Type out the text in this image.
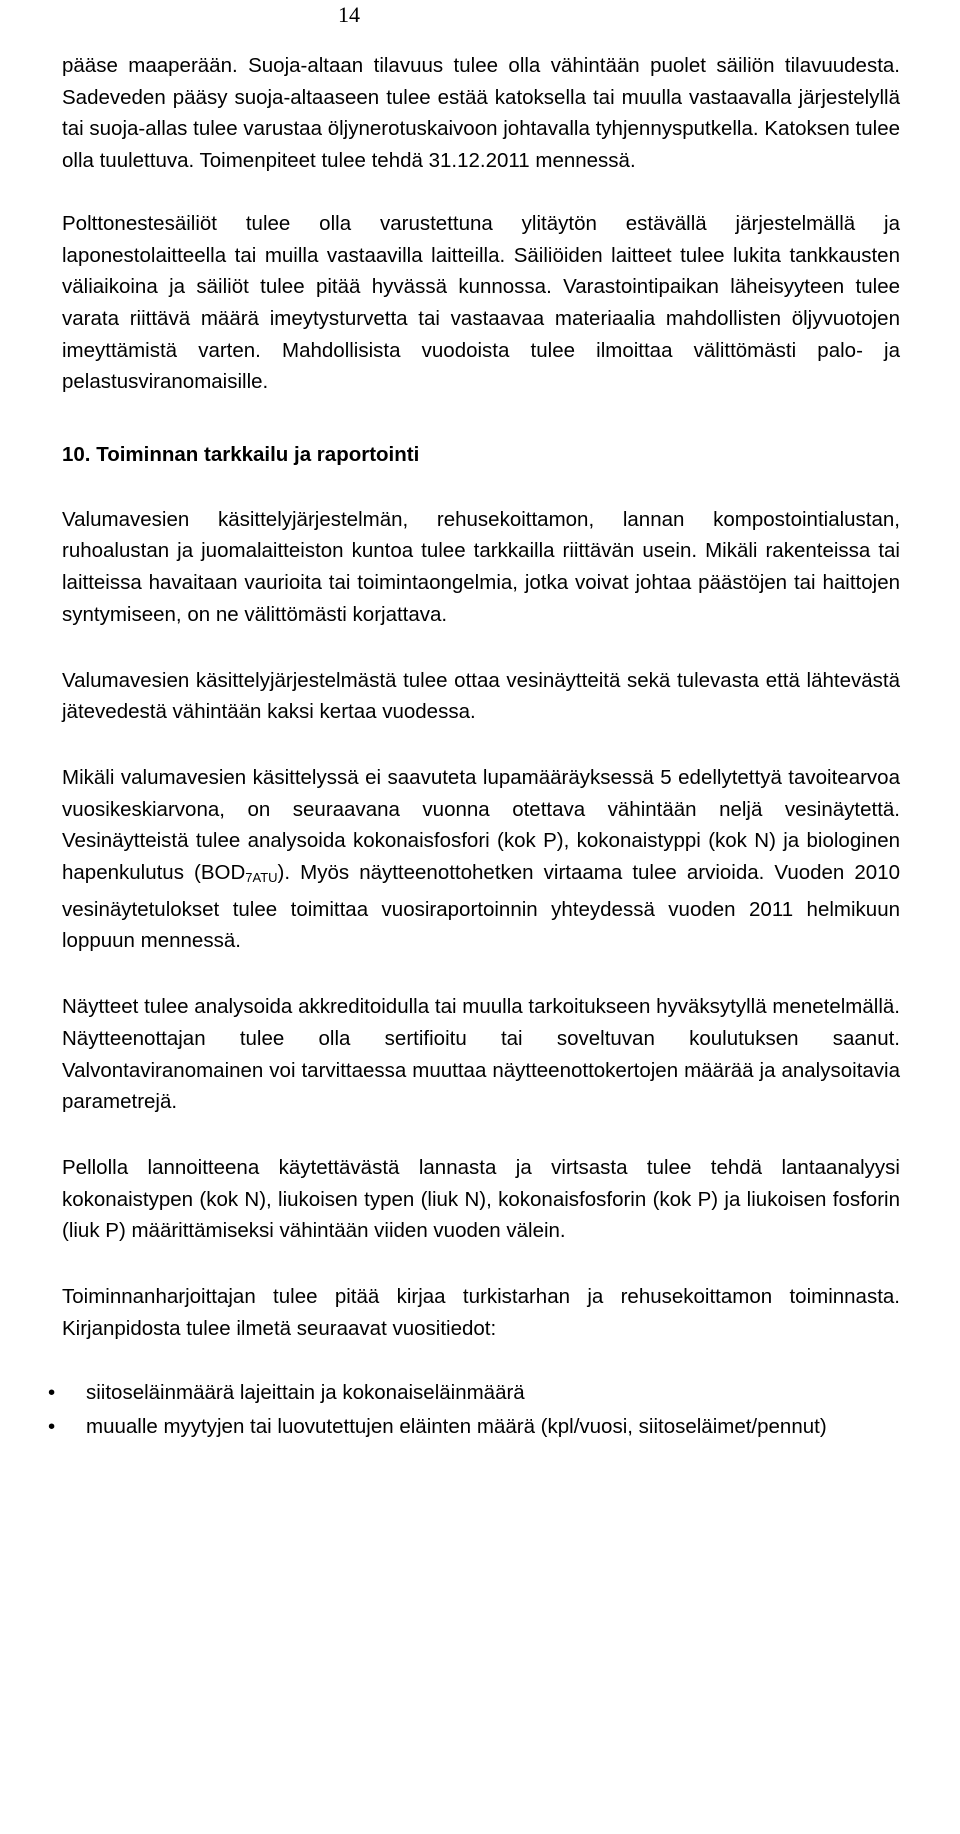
14

pääse maaperään. Suoja-altaan tilavuus tulee olla vähintään puolet säiliön tilavuudesta. Sadeveden pääsy suoja-altaaseen tulee estää katoksella tai muulla vastaavalla järjestelyllä tai suoja-allas tulee varustaa öljynerotuskaivoon johtavalla tyhjennysputkella. Katoksen tulee olla tuulettuva. Toimenpiteet tulee tehdä 31.12.2011 mennessä.

Polttonestesäiliöt tulee olla varustettuna ylitäytön estävällä järjestelmällä ja laponestolaitteella tai muilla vastaavilla laitteilla. Säiliöiden laitteet tulee lukita tankkausten väliaikoina ja säiliöt tulee pitää hyvässä kunnossa. Varastointipaikan läheisyyteen tulee varata riittävä määrä imeytysturvetta tai vastaavaa materiaalia mahdollisten öljyvuotojen imeyttämistä varten. Mahdollisista vuodoista tulee ilmoittaa välittömästi palo- ja pelastusviranomaisille.

10. Toiminnan tarkkailu ja raportointi

Valumavesien käsittelyjärjestelmän, rehusekoittamon, lannan kompostointialustan, ruhoalustan ja juomalaitteiston kuntoa tulee tarkkailla riittävän usein. Mikäli rakenteissa tai laitteissa havaitaan vaurioita tai toimintaongelmia, jotka voivat johtaa päästöjen tai haittojen syntymiseen, on ne välittömästi korjattava.

Valumavesien käsittelyjärjestelmästä tulee ottaa vesinäytteitä sekä tulevasta että lähtevästä jätevedestä vähintään kaksi kertaa vuodessa.

Mikäli valumavesien käsittelyssä ei saavuteta lupamääräyksessä 5 edellytettyä tavoitearvoa vuosikeskiarvona, on seuraavana vuonna otettava vähintään neljä vesinäytettä. Vesinäytteistä tulee analysoida kokonaisfosfori (kok P), kokonaistyppi (kok N) ja biologinen hapenkulutus $(BOD_{7ATU})$. Myös näytteenottohetken virtaama tulee arvioida. Vuoden 2010 vesinäytetulokset tulee toimittaa vuosiraportoinnin yhteydessä vuoden 2011 helmikuun loppuun mennessä.

Näytteet tulee analysoida akkreditoidulla tai muulla tarkoitukseen hyväksytyllä menetelmällä. Näytteenottajan tulee olla sertifioitu tai soveltuvan koulutuksen saanut. Valvontaviranomainen voi tarvittaessa muuttaa näytteenottokertojen määrää ja analysoitavia parametrejä.

Pellolla lannoitteena käytettävästä lannasta ja virtsasta tulee tehdä lantaanalyysi kokonaistypen (kok N), liukoisen typen (liuk N), kokonaisfosforin (kok P) ja liukoisen fosforin (liuk P) määrittämiseksi vähintään viiden vuoden välein.

Toiminnanharjoittajan tulee pitää kirjaa turkistarhan ja rehusekoittamon toiminnasta. Kirjanpidosta tulee ilmetä seuraavat vuositiedot:

• siitoseläinmäärä lajeittain ja kokonaiseläinmäärä
• muualle myytyjen tai luovutettujen eläinten määrä (kpl/vuosi, siitoseläimet/pennut)
